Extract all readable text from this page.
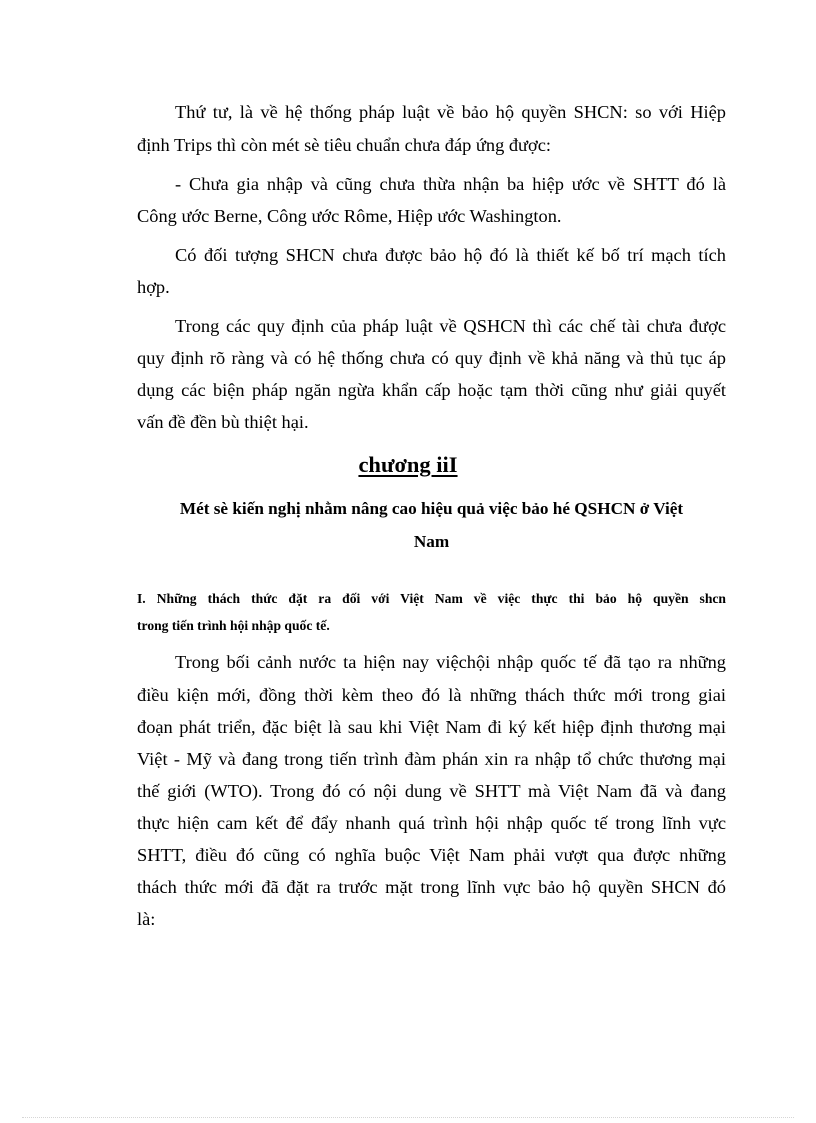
Thứ tư, là về hệ thống pháp luật về bảo hộ quyền SHCN: so với Hiệp
định Trips thì còn mét sè tiêu chuẩn chưa đáp ứng được:
- Chưa gia nhập và cũng chưa thừa nhận ba hiệp ước về SHTT đó là
Công ước Berne, Công ước Rôme, Hiệp ước Washington.
Có đối tượng SHCN chưa được bảo hộ đó là thiết kế bố trí mạch tích
hợp.
Trong các quy định của pháp luật về QSHCN thì các chế tài chưa được
quy định rõ ràng và có hệ thống chưa có quy định về khả năng và thủ tục áp
dụng các biện pháp ngăn ngừa khẩn cấp hoặc tạm thời cũng như giải quyết
vấn đề đền bù thiệt hại.
chương iiI
Mét sè kiến nghị nhằm nâng cao hiệu quả việc bảo hé QSHCN ở Việt
Nam
I. Những thách thức đặt ra đối với Việt Nam về việc thực thi bảo hộ quyền shcn
trong tiến trình hội nhập quốc tế.
Trong bối cảnh nước ta hiện nay việchội nhập quốc tế đã tạo ra những
điều kiện mới, đồng thời kèm theo đó là những thách thức mới trong giai
đoạn phát triển, đặc biệt là sau khi Việt Nam đi ký kết hiệp định thương mại
Việt - Mỹ và đang trong tiến trình đàm phán xin ra nhập tổ chức thương mại
thế giới (WTO). Trong đó có nội dung về SHTT mà Việt Nam đã và đang
thực hiện cam kết để đẩy nhanh quá trình hội nhập quốc tế trong lĩnh vực
SHTT, điều đó cũng có nghĩa buộc Việt Nam phải vượt qua được những
thách thức mới đã đặt ra trước mặt trong lĩnh vực bảo hộ quyền SHCN đó
là:
